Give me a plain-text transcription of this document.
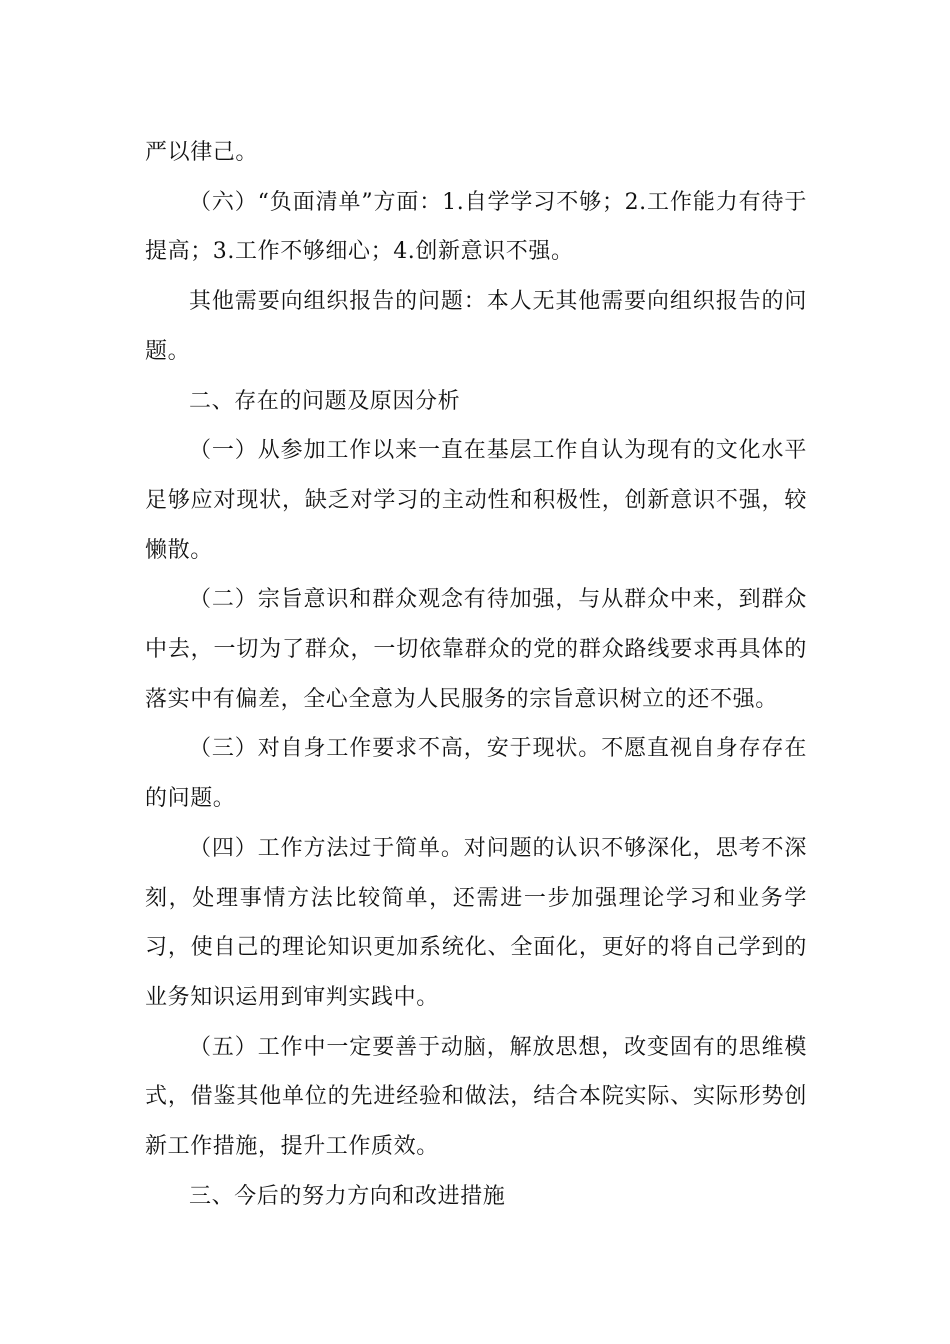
严以律己。

（六）“负面清单”方面：1.自学学习不够；2.工作能力有待于提高；3.工作不够细心；4.创新意识不强。

其他需要向组织报告的问题：本人无其他需要向组织报告的问题。

二、存在的问题及原因分析

（一）从参加工作以来一直在基层工作自认为现有的文化水平足够应对现状，缺乏对学习的主动性和积极性，创新意识不强，较懒散。

（二）宗旨意识和群众观念有待加强，与从群众中来，到群众中去，一切为了群众，一切依靠群众的党的群众路线要求再具体的落实中有偏差，全心全意为人民服务的宗旨意识树立的还不强。

（三）对自身工作要求不高，安于现状。不愿直视自身存存在的问题。

（四）工作方法过于简单。对问题的认识不够深化，思考不深刻，处理事情方法比较简单，还需进一步加强理论学习和业务学习，使自己的理论知识更加系统化、全面化，更好的将自己学到的业务知识运用到审判实践中。

（五）工作中一定要善于动脑，解放思想，改变固有的思维模式，借鉴其他单位的先进经验和做法，结合本院实际、实际形势创新工作措施，提升工作质效。

三、今后的努力方向和改进措施
